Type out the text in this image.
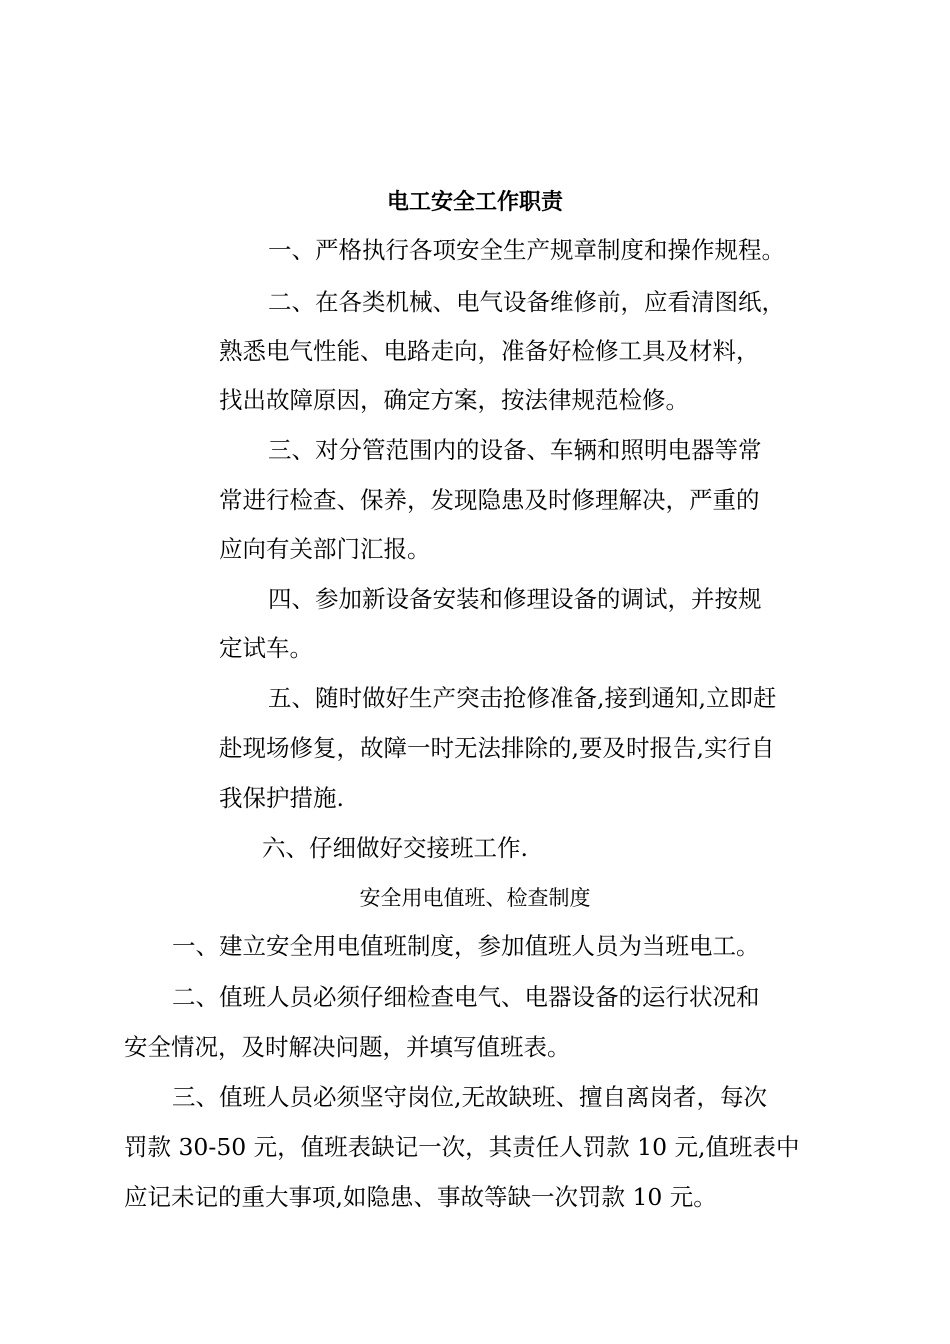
电工安全工作职责
一、严格执行各项安全生产规章制度和操作规程。
二、在各类机械、电气设备维修前，应看清图纸，
熟悉电气性能、电路走向，准备好检修工具及材料，
找出故障原因，确定方案，按法律规范检修。
三、对分管范围内的设备、车辆和照明电器等常
常进行检查、保养，发现隐患及时修理解决，严重的
应向有关部门汇报。
四、参加新设备安装和修理设备的调试，并按规
定试车。
五、随时做好生产突击抢修准备,接到通知,立即赶
赴现场修复，故障一时无法排除的,要及时报告,实行自
我保护措施.
六、仔细做好交接班工作.
安全用电值班、检查制度
一、建立安全用电值班制度，参加值班人员为当班电工。
二、值班人员必须仔细检查电气、电器设备的运行状况和
安全情况，及时解决问题，并填写值班表。
三、值班人员必须坚守岗位,无故缺班、擅自离岗者，每次
罚款 30-50 元，值班表缺记一次，其责任人罚款 10 元,值班表中
应记未记的重大事项,如隐患、事故等缺一次罚款 10 元。
